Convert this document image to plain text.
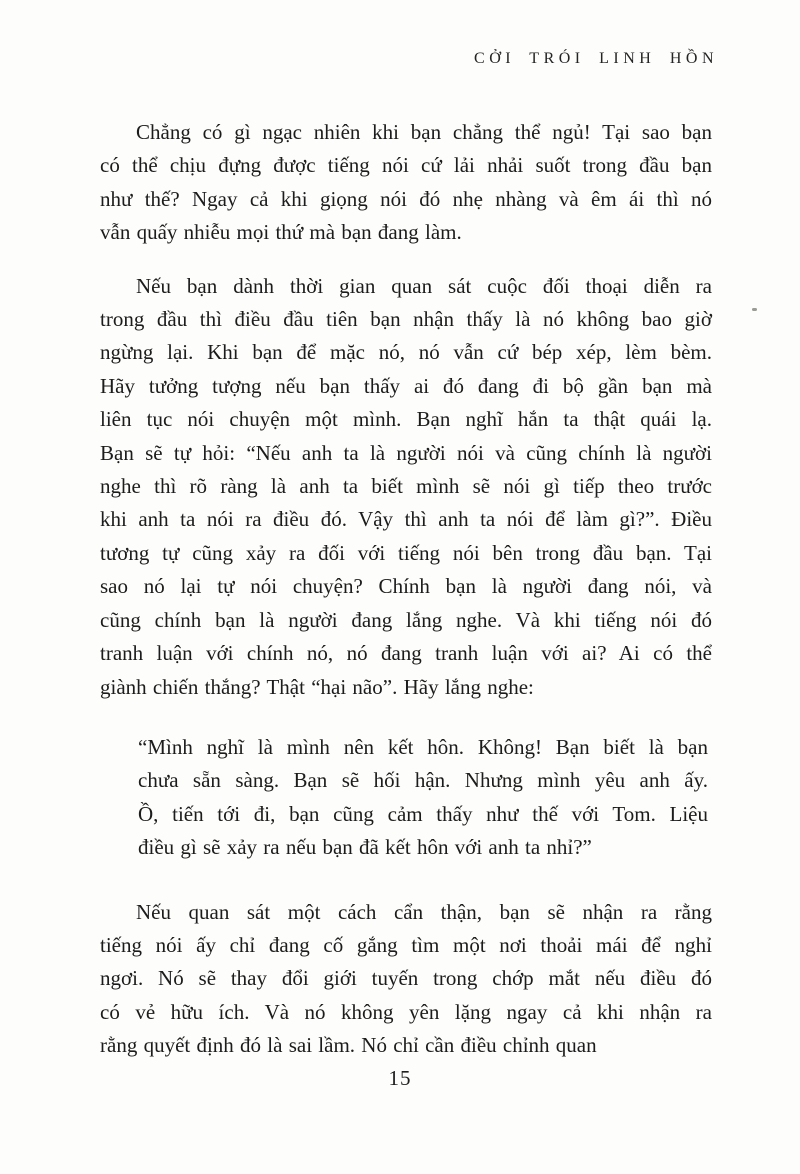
CỞI TRÓI LINH HỒN
Chẳng có gì ngạc nhiên khi bạn chẳng thể ngủ! Tại sao bạn
có thể chịu đựng được tiếng nói cứ lải nhải suốt trong đầu bạn
như thế? Ngay cả khi giọng nói đó nhẹ nhàng và êm ái thì nó
vẫn quấy nhiễu mọi thứ mà bạn đang làm.
Nếu bạn dành thời gian quan sát cuộc đối thoại diễn ra
trong đầu thì điều đầu tiên bạn nhận thấy là nó không bao giờ
ngừng lại. Khi bạn để mặc nó, nó vẫn cứ bép xép, lèm bèm.
Hãy tưởng tượng nếu bạn thấy ai đó đang đi bộ gần bạn mà
liên tục nói chuyện một mình. Bạn nghĩ hắn ta thật quái lạ.
Bạn sẽ tự hỏi: “Nếu anh ta là người nói và cũng chính là người
nghe thì rõ ràng là anh ta biết mình sẽ nói gì tiếp theo trước
khi anh ta nói ra điều đó. Vậy thì anh ta nói để làm gì?”. Điều
tương tự cũng xảy ra đối với tiếng nói bên trong đầu bạn. Tại
sao nó lại tự nói chuyện? Chính bạn là người đang nói, và
cũng chính bạn là người đang lắng nghe. Và khi tiếng nói đó
tranh luận với chính nó, nó đang tranh luận với ai? Ai có thể
giành chiến thắng? Thật “hại não”. Hãy lắng nghe:
“Mình nghĩ là mình nên kết hôn. Không! Bạn biết là bạn
chưa sẵn sàng. Bạn sẽ hối hận. Nhưng mình yêu anh ấy.
Ồ, tiến tới đi, bạn cũng cảm thấy như thế với Tom. Liệu
điều gì sẽ xảy ra nếu bạn đã kết hôn với anh ta nhỉ?”
Nếu quan sát một cách cẩn thận, bạn sẽ nhận ra rằng
tiếng nói ấy chỉ đang cố gắng tìm một nơi thoải mái để nghỉ
ngơi. Nó sẽ thay đổi giới tuyến trong chớp mắt nếu điều đó
có vẻ hữu ích. Và nó không yên lặng ngay cả khi nhận ra
rằng quyết định đó là sai lầm. Nó chỉ cần điều chỉnh quan
15
